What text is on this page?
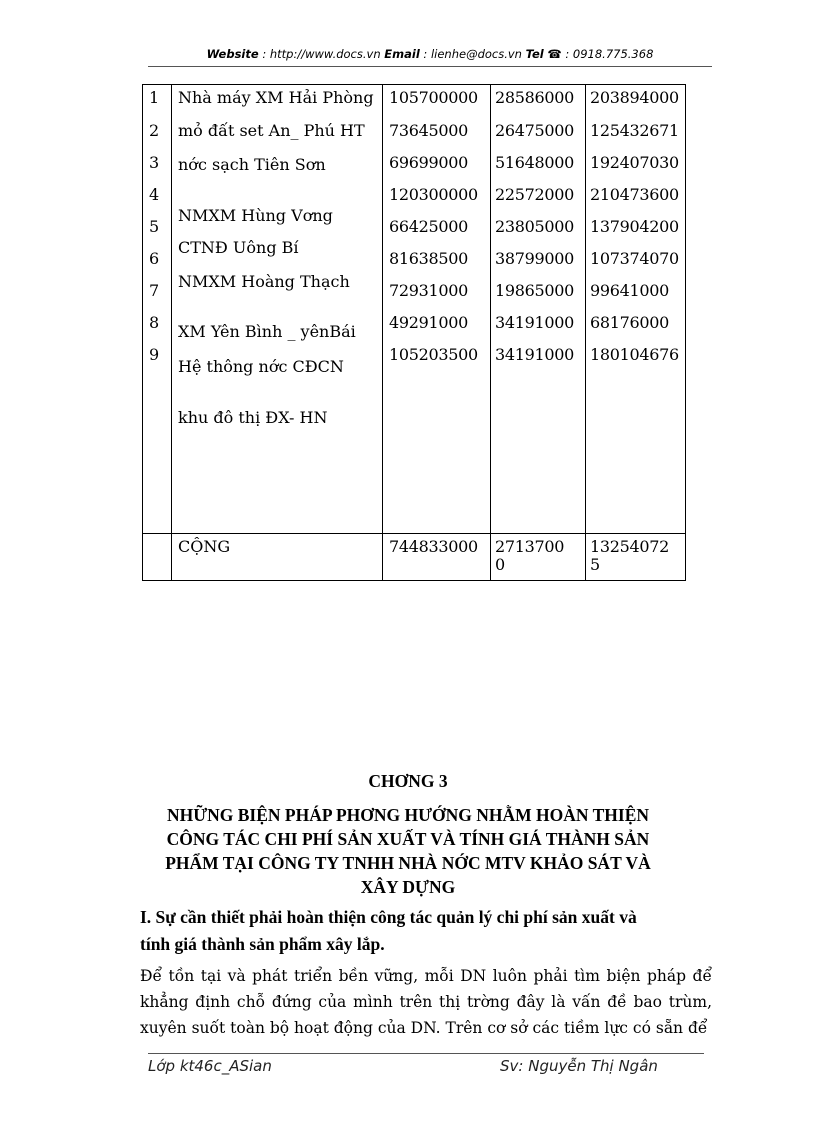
Website : http://www.docs.vn Email : lienhe@docs.vn Tel ☎ : 0918.775.368
1
2
3
4
5
6
7
8
9
Nhà máy XM Hải Phòng
mỏ đất set An_ Phú HT
nớc sạch Tiên Sơn
NMXM Hùng Vơng
CTNĐ Uông Bí
NMXM Hoàng Thạch
XM Yên Bình _ yênBái
Hệ thông nớc CĐCN
khu đô thị ĐX- HN
105700000
73645000
69699000
120300000
66425000
81638500
72931000
49291000
105203500
28586000
26475000
51648000
22572000
23805000
38799000
19865000
34191000
34191000
203894000
125432671
192407030
210473600
137904200
107374070
99641000
68176000
180104676
CỘNG	744833000 2713700
0
13254072
5
CHƠNG 3
NHỮNG BIỆN PHÁP PHƠNG HƯỚNG NHẰM HOÀN THIỆN
CÔNG TÁC CHI PHÍ SẢN XUẤT VÀ TÍNH GIÁ THÀNH SẢN
PHẨM TẠI CÔNG TY TNHH NHÀ NỚC MTV KHẢO SÁT VÀ
XÂY DỰNG
I. Sự cần thiết phải hoàn thiện công tác quản lý chi phí sản xuất và
tính giá thành sản phẩm xây lắp.
Để tồn tại và phát triển bền vững, mỗi DN luôn phải tìm biện pháp để khẳng định chỗ đứng của mình trên thị trờng đây là vấn đề bao trùm, xuyên suốt toàn bộ hoạt động của DN. Trên cơ sở các tiềm lực có sẵn để
Lớp kt46c_ASian	Sv: Nguyễn Thị Ngân
